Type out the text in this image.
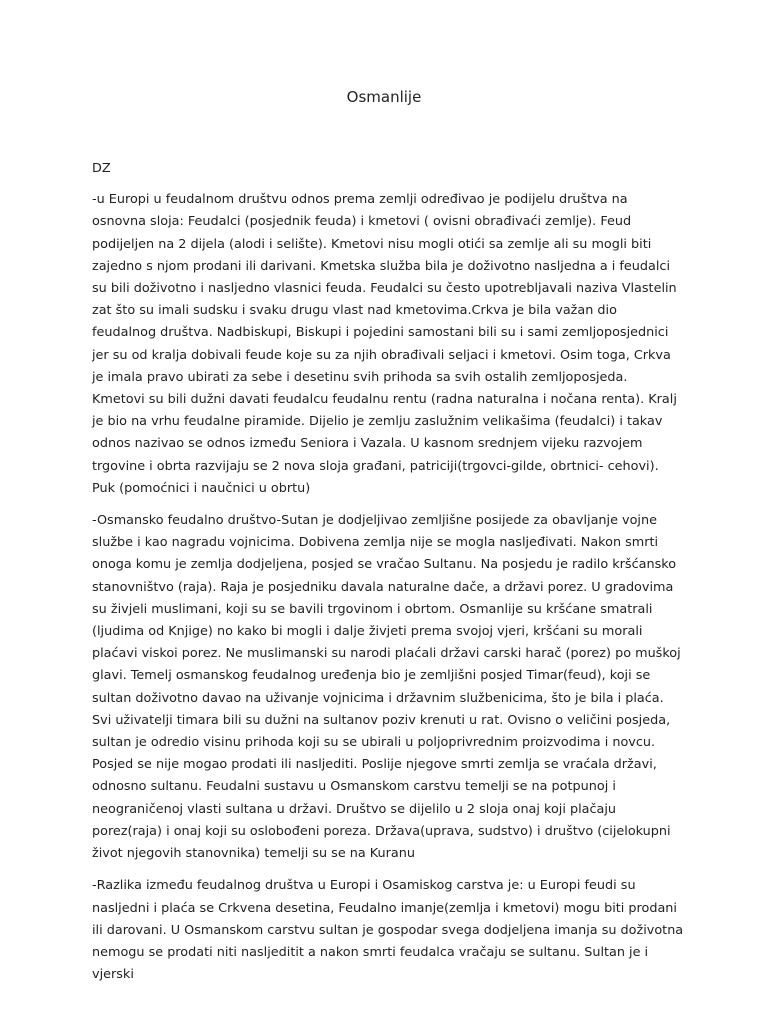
Osmanlije

DZ

-u Europi u feudalnom društvu odnos prema zemlji određivao je podijelu društva na osnovna sloja: Feudalci (posjednik feuda) i kmetovi ( ovisni obrađivaći zemlje). Feud podijeljen na 2 dijela (alodi i selište). Kmetovi nisu mogli otići sa zemlje ali su mogli biti zajedno s njom prodani ili darivani. Kmetska služba bila je doživotno nasljedna a i feudalci su bili doživotno i nasljedno vlasnici feuda. Feudalci su često upotrebljavali naziva Vlastelin zat što su imali sudsku i svaku drugu vlast nad kmetovima.Crkva je bila važan dio feudalnog društva. Nadbiskupi, Biskupi i pojedini samostani bili su i sami zemljoposjednici jer su od kralja dobivali feude koje su za njih obrađivali seljaci i kmetovi. Osim toga, Crkva je imala pravo ubirati za sebe i desetinu svih prihoda sa svih ostalih zemljoposjeda. Kmetovi su bili dužni davati feudalcu feudalnu rentu (radna naturalna i nočana renta). Kralj je bio na vrhu feudalne piramide. Dijelio je zemlju zaslužnim velikašima (feudalci) i takav odnos nazivao se odnos između Seniora i Vazala. U kasnom srednjem vijeku razvojem trgovine i obrta razvijaju se 2 nova sloja građani, patriciji(trgovci-gilde, obrtnici- cehovi). Puk (pomoćnici i naučnici u obrtu)

-Osmansko feudalno društvo-Sutan je dodjeljivao zemljišne posijede za obavljanje vojne službe i kao nagradu vojnicima. Dobivena zemlja nije se mogla nasljeđivati. Nakon smrti onoga komu je zemlja dodjeljena, posjed se vračao Sultanu. Na posjedu je radilo kršćansko stanovništvo (raja). Raja je posjedniku davala naturalne dače, a državi porez. U gradovima su živjeli muslimani, koji su se bavili trgovinom i obrtom. Osmanlije su kršćane smatrali (ljudima od Knjige) no kako bi mogli i dalje živjeti prema svojoj vjeri, kršćani su morali plaćavi viskoi porez. Ne muslimanski su narodi plaćali državi carski harač (porez) po muškoj glavi. Temelj osmanskog feudalnog uređenja bio je zemljišni posjed Timar(feud), koji se sultan doživotno davao na uživanje vojnicima i državnim službenicima, što je bila i plaća. Svi uživatelji timara bili su dužni na sultanov poziv krenuti u rat. Ovisno o veličini posjeda, sultan je odredio visinu prihoda koji su se ubirali u poljoprivrednim proizvodima i novcu. Posjed se nije mogao prodati ili nasljediti. Poslije njegove smrti zemlja se vraćala državi, odnosno sultanu. Feudalni sustavu u Osmanskom carstvu temelji se na potpunoj i neograničenoj vlasti sultana u državi. Društvo se dijelilo u 2 sloja onaj koji plačaju porez(raja) i onaj koji su oslobođeni poreza. Država(uprava, sudstvo) i društvo (cijelokupni život njegovih stanovnika) temelji su se na Kuranu

-Razlika između feudalnog društva u Europi i Osamiskog carstva je: u Europi feudi su nasljedni i plaća se Crkvena desetina, Feudalno imanje(zemlja i kmetovi) mogu biti prodani ili darovani. U Osmanskom carstvu sultan je gospodar svega dodjeljena imanja su doživotna nemogu se prodati niti nasljeditit a nakon smrti feudalca vračaju se sultanu. Sultan je i vjerski
